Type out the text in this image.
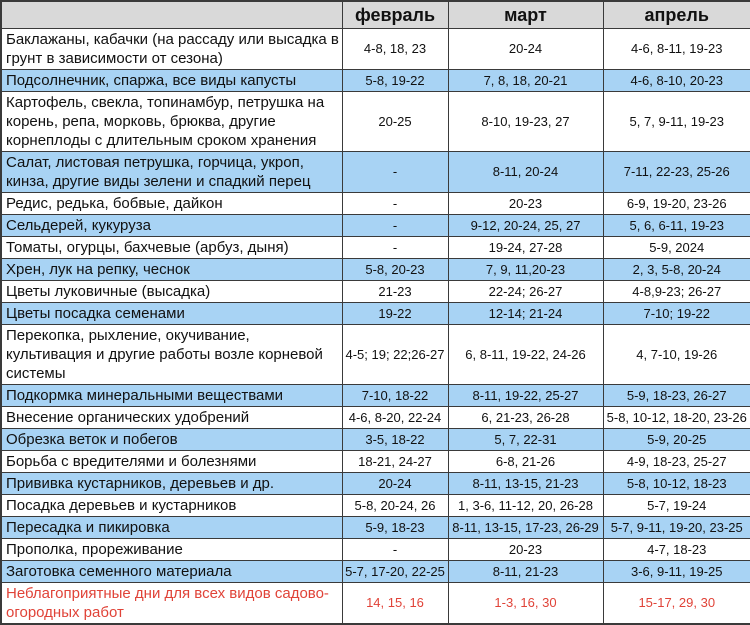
	февраль	март	апрель
Баклажаны, кабачки (на рассаду или высадка в грунт в зависимости от сезона)	4-8, 18, 23	20-24	4-6, 8-11, 19-23
Подсолнечник, спаржа, все виды капусты	5-8, 19-22	7, 8, 18, 20-21	4-6, 8-10, 20-23
Картофель, свекла, топинамбур, петрушка на корень, репа, морковь, брюква, другие корнеплоды с длительным сроком хранения	20-25	8-10, 19-23, 27	5, 7, 9-11, 19-23
Салат, листовая петрушка, горчица, укроп, кинза, другие виды зелени и спадкий перец	-	8-11, 20-24	7-11, 22-23, 25-26
Редис, редька, бобвые, дайкон	-	20-23	6-9, 19-20, 23-26
Сельдерей, кукуруза	-	9-12, 20-24, 25, 27	5, 6, 6-11, 19-23
Томаты, огурцы, бахчевые (арбуз, дыня)	-	19-24, 27-28	5-9, 2024
Хрен, лук на репку, чеснок	5-8, 20-23	7, 9, 11,20-23	2, 3, 5-8, 20-24
Цветы луковичные (высадка)	21-23	22-24; 26-27	4-8,9-23; 26-27
Цветы посадка семенами	19-22	12-14; 21-24	7-10; 19-22
Перекопка, рыхление, окучивание, культивация и другие работы возле корневой системы	4-5; 19; 22;26-27	6, 8-11, 19-22, 24-26	4, 7-10, 19-26
Подкормка минеральными веществами	7-10, 18-22	8-11, 19-22, 25-27	5-9, 18-23, 26-27
Внесение органических удобрений	4-6, 8-20, 22-24	6, 21-23, 26-28	5-8, 10-12, 18-20, 23-26
Обрезка веток и побегов	3-5, 18-22	5, 7, 22-31	5-9, 20-25
Борьба с вредителями и болезнями	18-21, 24-27	6-8, 21-26	4-9, 18-23, 25-27
Прививка кустарников, деревьев и др.	20-24	8-11, 13-15, 21-23	5-8, 10-12, 18-23
Посадка деревьев и кустарников	5-8, 20-24, 26	1, 3-6, 11-12, 20, 26-28	5-7, 19-24
Пересадка и пикировка	5-9, 18-23	8-11, 13-15, 17-23, 26-29	5-7, 9-11, 19-20, 23-25
Прополка, прореживание	-	20-23	4-7, 18-23
Заготовка семенного материала	5-7, 17-20, 22-25	8-11, 21-23	3-6, 9-11, 19-25
Неблагоприятные дни для всех видов садово-огородных работ	14, 15, 16	1-3, 16, 30	15-17, 29, 30
